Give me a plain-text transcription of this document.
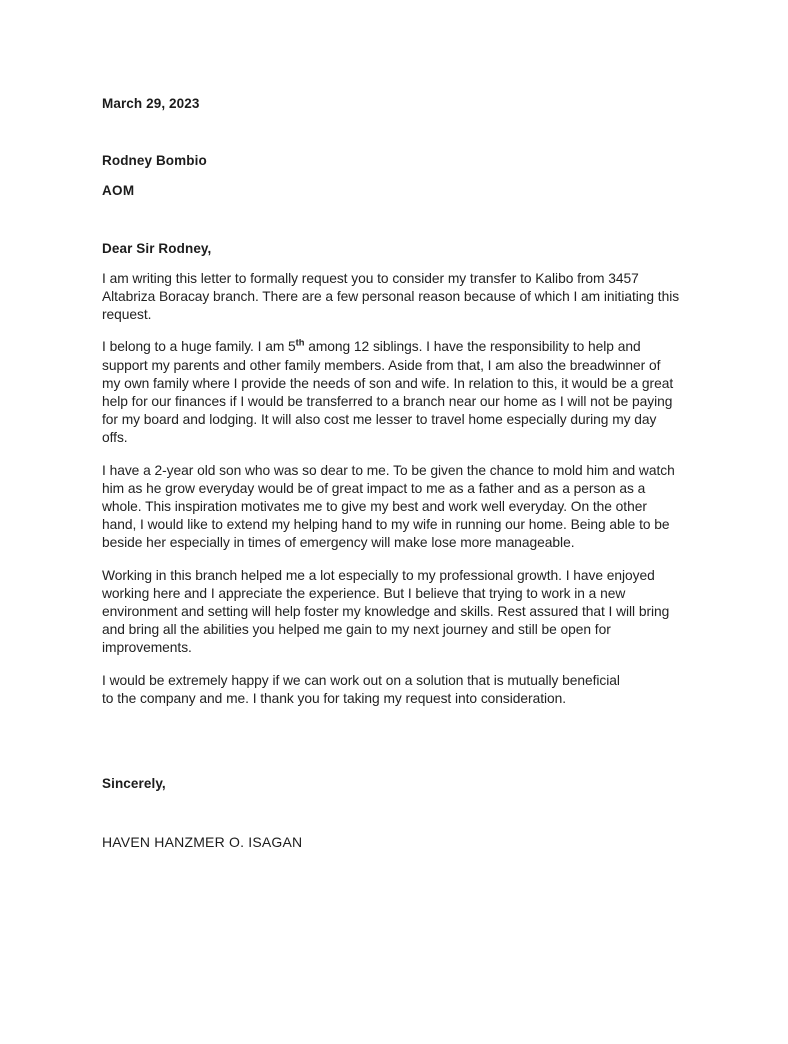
March 29, 2023
Rodney Bombio
AOM
Dear Sir Rodney,

I am writing this letter to formally request you to consider my transfer to Kalibo from 3457 Altabriza Boracay branch. There are a few personal reason because of which I am initiating this request.

I belong to a huge family. I am 5th among 12 siblings. I have the responsibility to help and support my parents and other family members. Aside from that, I am also the breadwinner of my own family where I provide the needs of son and wife. In relation to this, it would be a great help for our finances if I would be transferred to a branch near our home as I will not be paying for my board and lodging. It will also cost me lesser to travel home especially during my day offs.

I have a 2-year old son who was so dear to me. To be given the chance to mold him and watch him as he grow everyday would be of great impact to me as a father and as a person as a whole. This inspiration motivates me to give my best and work well everyday. On the other hand, I would like to extend my helping hand to my wife in running our home. Being able to be beside her especially in times of emergency will make lose more manageable.

Working in this branch helped me a lot especially to my professional growth. I have enjoyed working here and I appreciate the experience. But I believe that trying to work in a new environment and setting will help foster my knowledge and skills. Rest assured that I will bring and bring all the abilities you helped me gain to my next journey and still be open for improvements.

I would be extremely happy if we can work out on a solution that is mutually beneficial to the company and me. I thank you for taking my request into consideration.

Sincerely,
HAVEN HANZMER O. ISAGAN
